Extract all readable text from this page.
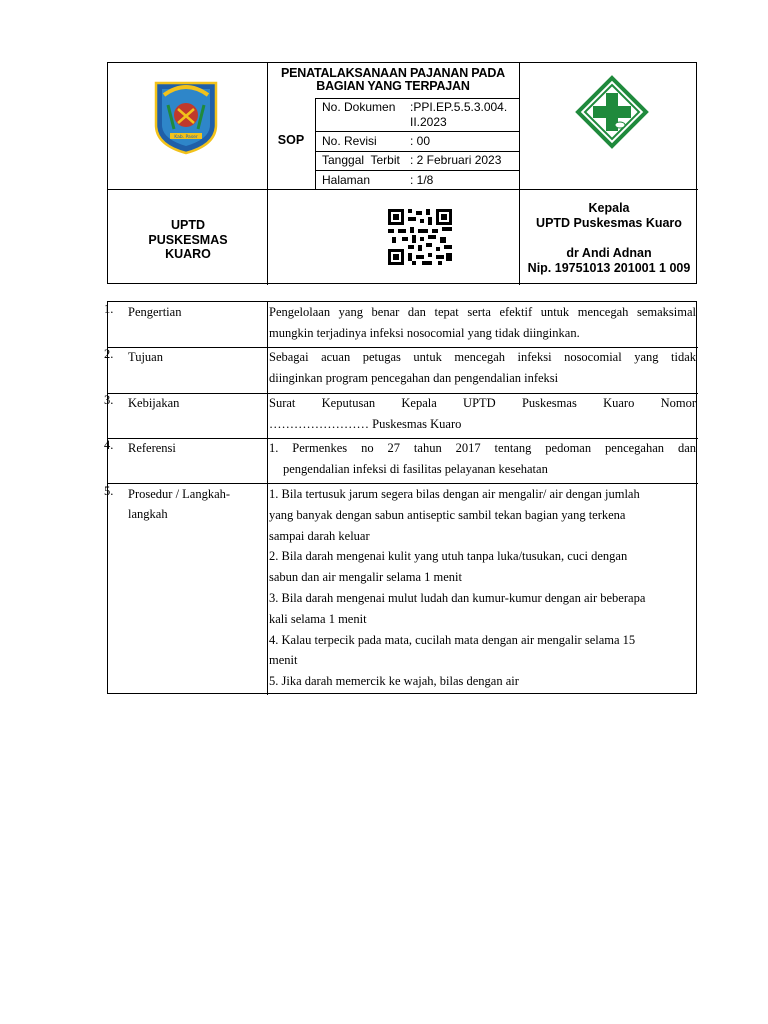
Kab. Paser
PENATALAKSANAAN PAJANAN PADA
BAGIAN YANG TERPAJAN
SOP
No. Dokumen :PPI.EP.5.5.3.004.
II.2023
No. Revisi	: 00
Tanggal  Terbit : 2 Februari 2023
Halaman	: 1/8
UPTD
PUSKESMAS
KUARO
Kepala
UPTD Puskesmas Kuaro
dr Andi Adnan
Nip. 19751013 201001 1 009
1.	Pengertian	Pengelolaan yang benar dan tepat serta efektif untuk mencegah semaksimal

mungkin terjadinya infeksi nosocomial yang tidak diinginkan.

2.	Tujuan	Sebagai acuan petugas untuk mencegah infeksi nosocomial yang tidak

diinginkan program pencegahan dan pengendalian infeksi

3.	Kebijakan	Surat Keputusan Kepala UPTD Puskesmas Kuaro Nomor

…………………… Puskesmas Kuaro

4.	Referensi	1. Permenkes no 27 tahun 2017 tentang pedoman pencegahan dan

pengendalian infeksi di fasilitas pelayanan kesehatan

5.	Prosedur / Langkah-
langkah

1. Bila tertusuk jarum segera bilas dengan air mengalir/ air dengan jumlah

yang banyak dengan sabun antiseptic sambil tekan bagian yang terkena

sampai darah keluar

2. Bila darah mengenai kulit yang utuh tanpa luka/tusukan, cuci dengan

sabun dan air mengalir selama 1 menit

3. Bila darah mengenai mulut ludah dan kumur-kumur dengan air beberapa

kali selama 1 menit

4. Kalau terpecik pada mata, cucilah mata dengan air mengalir selama 15

menit

5. Jika darah memercik ke wajah, bilas dengan air
